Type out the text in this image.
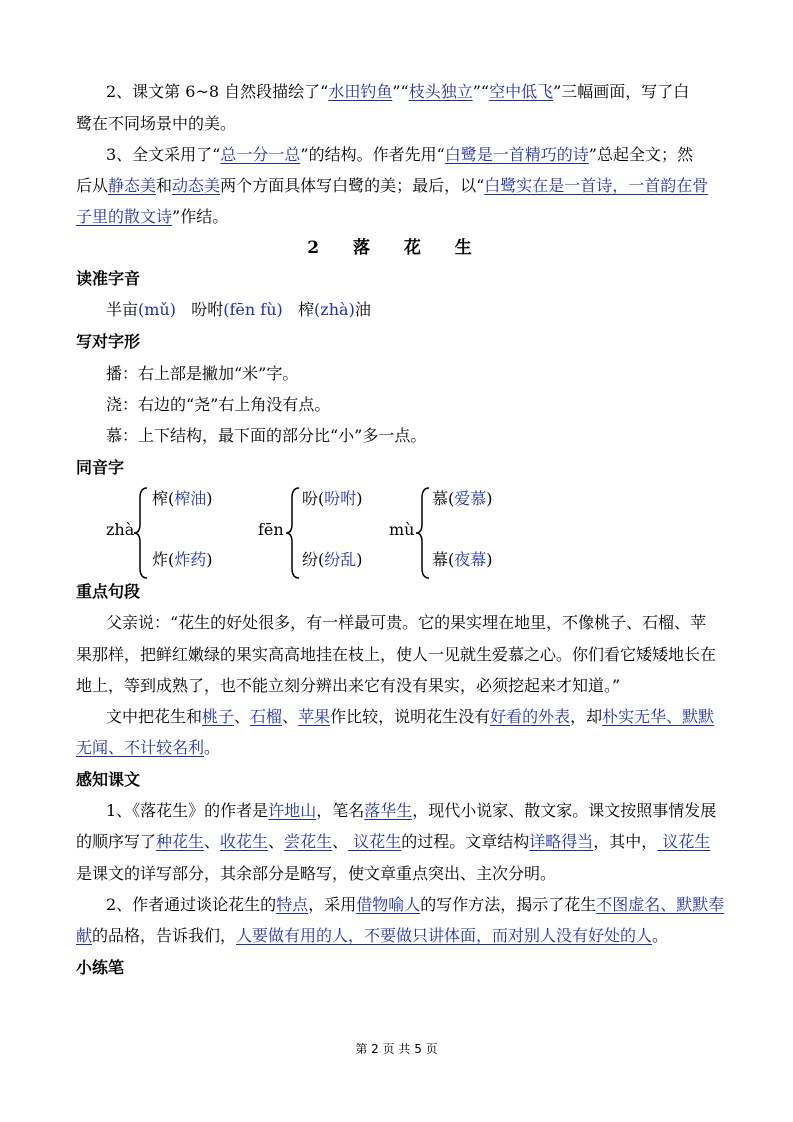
2、课文第 6~8 自然段描绘了“水田钓鱼”“枝头独立”“空中低飞”三幅画面，写了白
鹭在不同场景中的美。
3、全文采用了“总一分一总”的结构。作者先用“白鹭是一首精巧的诗”总起全文；然
后从静态美和动态美两个方面具体写白鹭的美；最后，以“白鹭实在是一首诗，一首韵在骨
子里的散文诗”作结。
2 落 花 生
读准字音
半亩(mǔ) 吩咐(fēn fù) 榨(zhà)油
写对字形
播：右上部是撇加“米”字。
浇：右边的“尧”右上角没有点。
慕：上下结构，最下面的部分比“小”多一点。
同音字
zhà
榨(榨油)
炸(炸药)
fēn
吩(吩咐)
纷(纷乱)
mù
慕(爱慕)
幕(夜幕)
重点句段
父亲说：“花生的好处很多，有一样最可贵。它的果实埋在地里，不像桃子、石榴、苹
果那样，把鲜红嫩绿的果实高高地挂在枝上，使人一见就生爱慕之心。你们看它矮矮地长在
地上，等到成熟了，也不能立刻分辨出来它有没有果实，必须挖起来才知道。”
文中把花生和桃子、石榴、苹果作比较，说明花生没有好看的外表，却朴实无华、默默
无闻、不计较名利。
感知课文
1、《落花生》的作者是许地山，笔名落华生，现代小说家、散文家。课文按照事情发展
的顺序写了种花生、收花生、尝花生、 议花生的过程。文章结构详略得当，其中， 议花生
是课文的详写部分，其余部分是略写，使文章重点突出、主次分明。
2、作者通过谈论花生的特点，采用借物喻人的写作方法，揭示了花生不图虚名、默默奉
献的品格，告诉我们，人要做有用的人，不要做只讲体面，而对别人没有好处的人。
小练笔
第 2 页 共 5 页
